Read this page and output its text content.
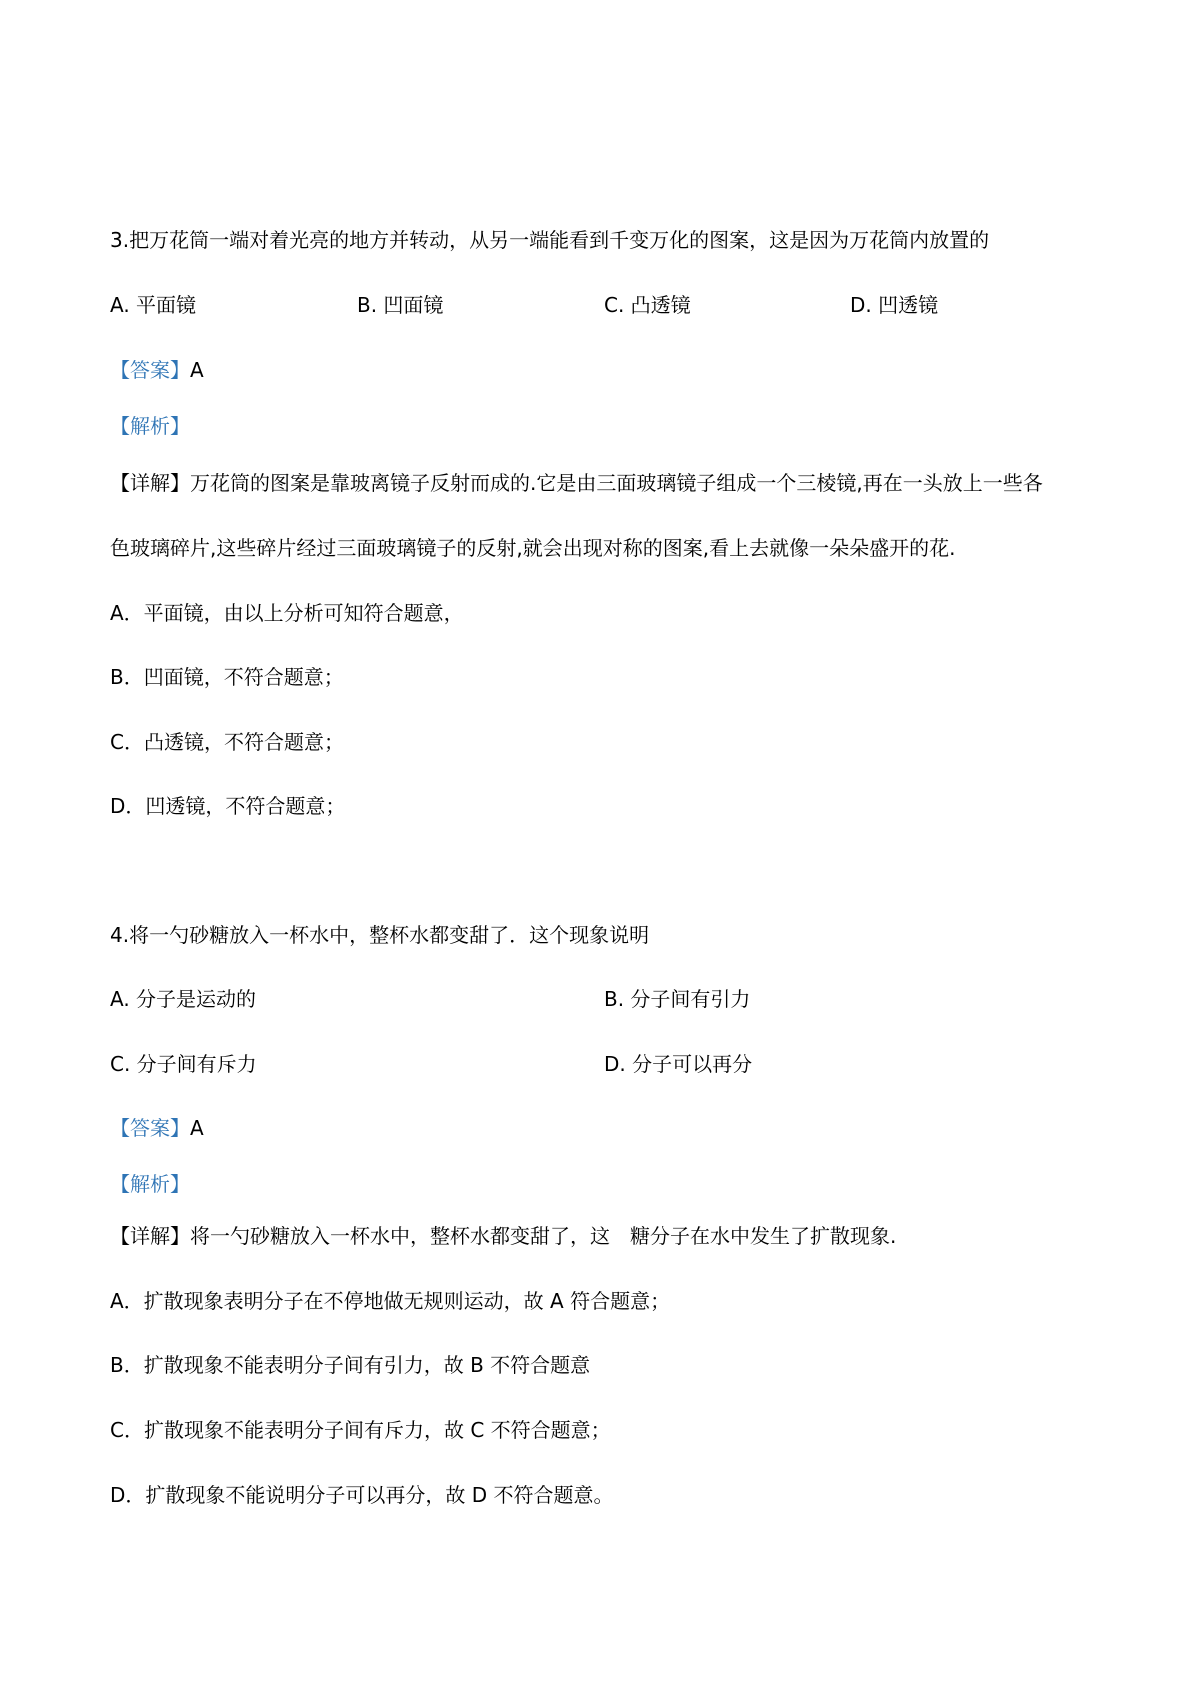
3.把万花筒一端对着光亮的地方并转动，从另一端能看到千变万化的图案，这是因为万花筒内放置的
A. 平面镜	B. 凹面镜	C. 凸透镜	D. 凹透镜
【答案】A
【解析】
【详解】万花筒的图案是靠玻离镜子反射而成的.它是由三面玻璃镜子组成一个三棱镜,再在一头放上一些各
色玻璃碎片,这些碎片经过三面玻璃镜子的反射,就会出现对称的图案,看上去就像一朵朵盛开的花.
A．平面镜，由以上分析可知符合题意，
B．凹面镜，不符合题意；
C．凸透镜，不符合题意；
D．凹透镜，不符合题意；
4.将一勺砂糖放入一杯水中，整杯水都变甜了．这个现象说明
A. 分子是运动的	B. 分子间有引力
C. 分子间有斥力	D. 分子可以再分
【答案】A
【解析】
【详解】将一勺砂糖放入一杯水中，整杯水都变甜了，这　糖分子在水中发生了扩散现象.
A．扩散现象表明分子在不停地做无规则运动，故 A 符合题意；
B．扩散现象不能表明分子间有引力，故 B 不符合题意
C．扩散现象不能表明分子间有斥力，故 C 不符合题意；
D．扩散现象不能说明分子可以再分，故 D 不符合题意。
